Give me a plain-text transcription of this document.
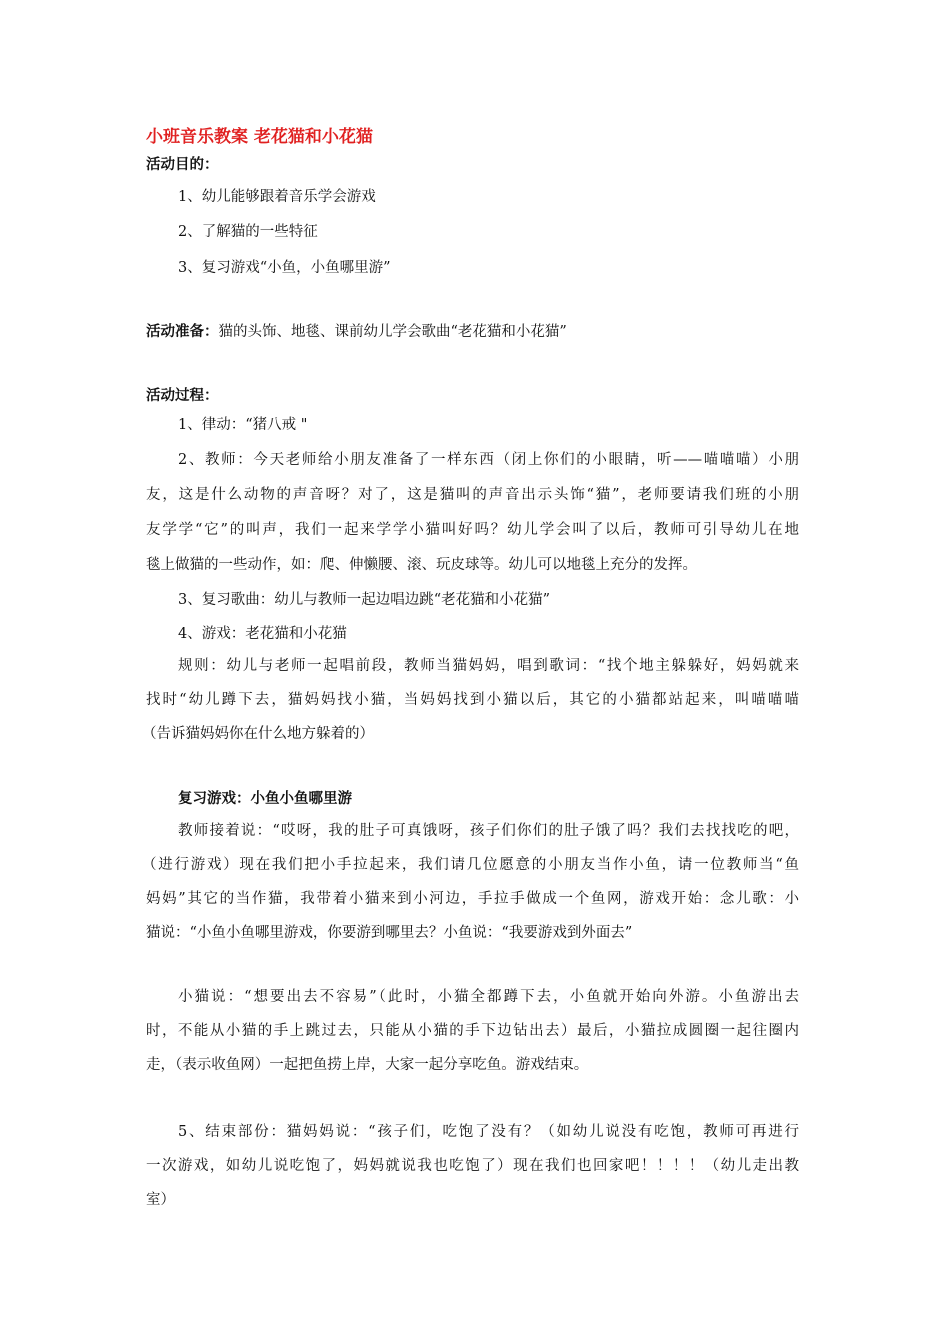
小班音乐教案 老花猫和小花猫
活动目的：
1、幼儿能够跟着音乐学会游戏
2、了解猫的一些特征
3、复习游戏“小鱼，小鱼哪里游”
活动准备：猫的头饰、地毯、课前幼儿学会歌曲“老花猫和小花猫”
活动过程：
1、律动：“猪八戒 "
2、教师：今天老师给小朋友准备了一样东西（闭上你们的小眼睛，听——喵喵喵）小朋
友，这是什么动物的声音呀？对了，这是猫叫的声音出示头饰“猫”，老师要请我们班的小朋
友学学“它”的叫声，我们一起来学学小猫叫好吗？幼儿学会叫了以后，教师可引导幼儿在地
毯上做猫的一些动作，如：爬、伸懒腰、滚、玩皮球等。幼儿可以地毯上充分的发挥。
3、复习歌曲：幼儿与教师一起边唱边跳“老花猫和小花猫”
4、游戏：老花猫和小花猫
规则：幼儿与老师一起唱前段，教师当猫妈妈，唱到歌词：“找个地主躲躲好，妈妈就来
找时“幼儿蹲下去，猫妈妈找小猫，当妈妈找到小猫以后，其它的小猫都站起来，叫喵喵喵
（告诉猫妈妈你在什么地方躲着的）
复习游戏：小鱼小鱼哪里游
教师接着说：“哎呀，我的肚子可真饿呀，孩子们你们的肚子饿了吗？我们去找找吃的吧，
（进行游戏）现在我们把小手拉起来，我们请几位愿意的小朋友当作小鱼，请一位教师当“鱼
妈妈”其它的当作猫，我带着小猫来到小河边，手拉手做成一个鱼网，游戏开始：念儿歌：小
猫说：“小鱼小鱼哪里游戏，你要游到哪里去？小鱼说：“我要游戏到外面去”
小猫说：“想要出去不容易”（此时，小猫全都蹲下去，小鱼就开始向外游。小鱼游出去
时，不能从小猫的手上跳过去，只能从小猫的手下边钻出去）最后，小猫拉成圆圈一起往圈内
走，（表示收鱼网）一起把鱼捞上岸，大家一起分享吃鱼。游戏结束。
5、结束部份：猫妈妈说：“孩子们，吃饱了没有？（如幼儿说没有吃饱，教师可再进行
一次游戏，如幼儿说吃饱了，妈妈就说我也吃饱了）现在我们也回家吧！！！！（幼儿走出教
室）
